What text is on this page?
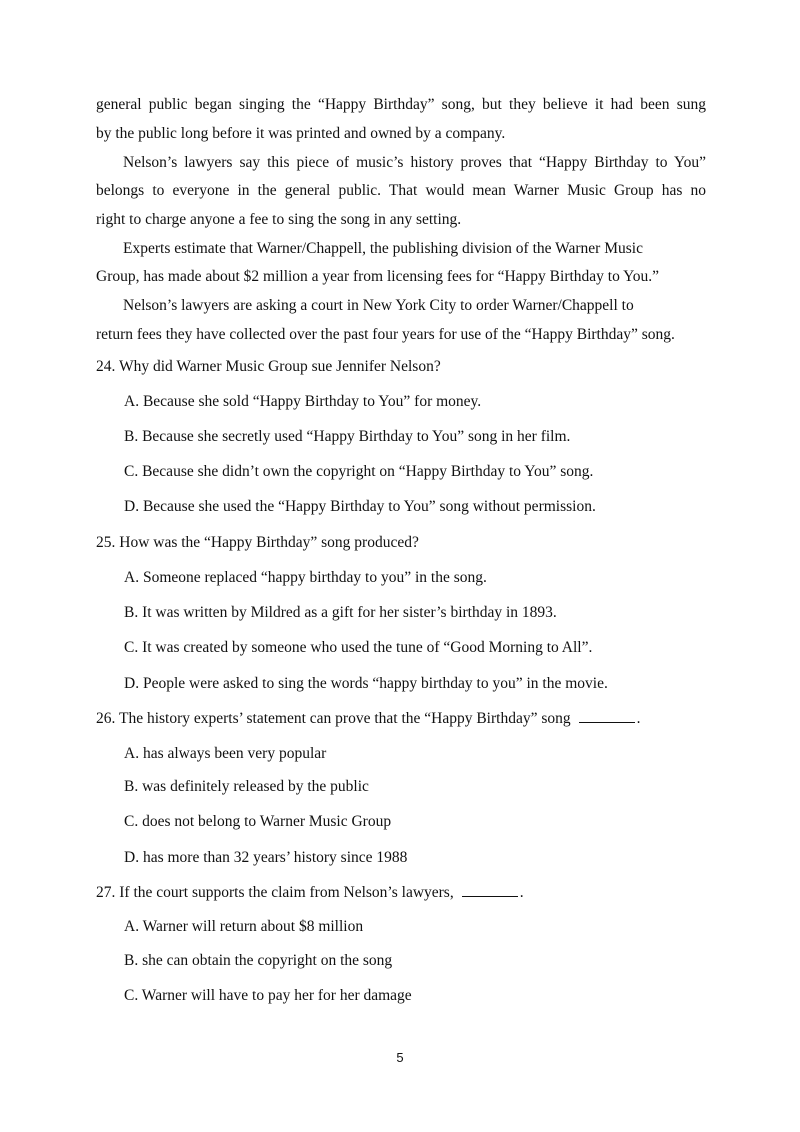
general public began singing the “Happy Birthday” song, but they believe it had been sung
by the public long before it was printed and owned by a company.
Nelson’s lawyers say this piece of music’s history proves that “Happy Birthday to You”
belongs to everyone in the general public. That would mean Warner Music Group has no
right to charge anyone a fee to sing the song in any setting.
Experts estimate that Warner/Chappell, the publishing division of the Warner Music
Group, has made about $2 million a year from licensing fees for “Happy Birthday to You.”
Nelson’s lawyers are asking a court in New York City to order Warner/Chappell to
return fees they have collected over the past four years for use of the “Happy Birthday” song.
24. Why did Warner Music Group sue Jennifer Nelson?
A. Because she sold “Happy Birthday to You” for money.
B. Because she secretly used “Happy Birthday to You” song in her film.
C. Because she didn’t own the copyright on “Happy Birthday to You” song.
D. Because she used the “Happy Birthday to You” song without permission.
25. How was the “Happy Birthday” song produced?
A. Someone replaced “happy birthday to you” in the song.
B. It was written by Mildred as a gift for her sister’s birthday in 1893.
C. It was created by someone who used the tune of “Good Morning to All”.
D. People were asked to sing the words “happy birthday to you” in the movie.
26. The history experts’ statement can prove that the “Happy Birthday” song	.
A. has always been very popular
B. was definitely released by the public
C. does not belong to Warner Music Group
D. has more than 32 years’ history since 1988
27. If the court supports the claim from Nelson’s lawyers,	.
A. Warner will return about $8 million
B. she can obtain the copyright on the song
C. Warner will have to pay her for her damage
5
